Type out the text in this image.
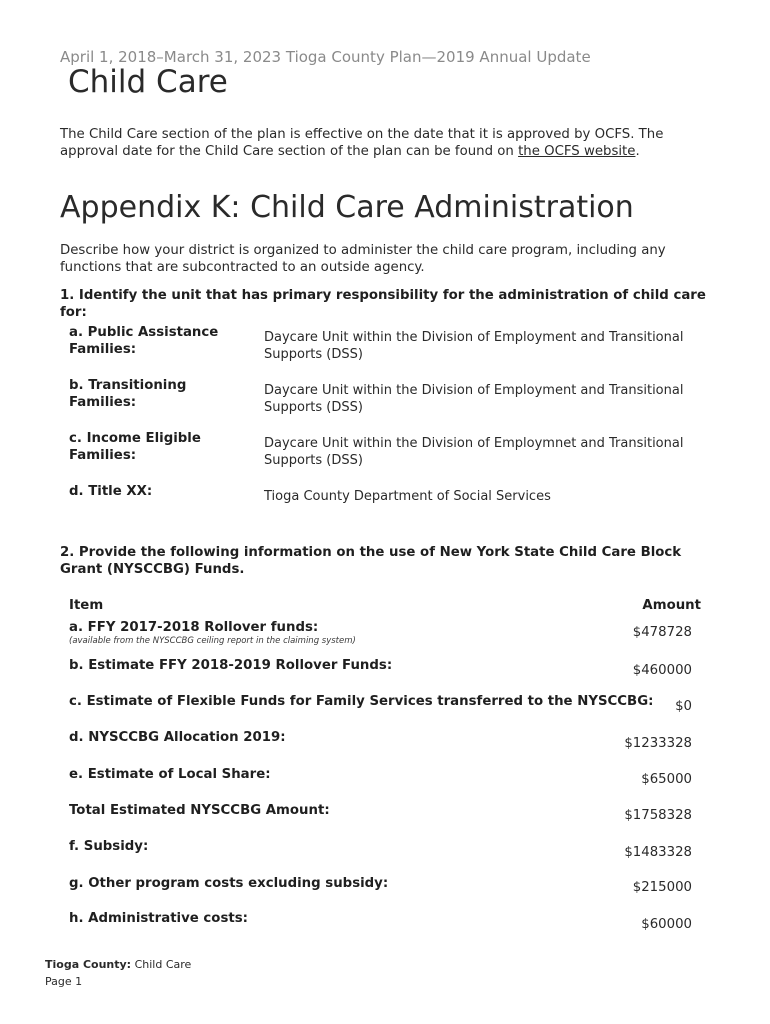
April 1, 2018–March 31, 2023 Tioga County Plan—2019 Annual Update
Child Care
The Child Care section of the plan is effective on the date that it is approved by OCFS. The approval date for the Child Care section of the plan can be found on the OCFS website.
Appendix K: Child Care Administration
Describe how your district is organized to administer the child care program, including any functions that are subcontracted to an outside agency.
1. Identify the unit that has primary responsibility for the administration of child care for:
a. Public Assistance Families:
Daycare Unit within the Division of Employment and Transitional Supports (DSS)
b. Transitioning Families:
Daycare Unit within the Division of Employment and Transitional Supports (DSS)
c. Income Eligible Families:
Daycare Unit within the Division of Employmnet and Transitional Supports (DSS)
d. Title XX:	Tioga County Department of Social Services
2. Provide the following information on the use of New York State Child Care Block Grant (NYSCCBG) Funds.
Item	Amount
a. FFY 2017-2018 Rollover funds:
(available from the NYSCCBG ceiling report in the claiming system)
$478728
b. Estimate FFY 2018-2019 Rollover Funds:	$460000
c. Estimate of Flexible Funds for Family Services transferred to the NYSCCBG: $0
d. NYSCCBG Allocation 2019:	$1233328
e. Estimate of Local Share:	$65000
Total Estimated NYSCCBG Amount:	$1758328
f. Subsidy:	$1483328
g. Other program costs excluding subsidy:	$215000
h. Administrative costs:	$60000
Tioga County: Child Care
Page 1
